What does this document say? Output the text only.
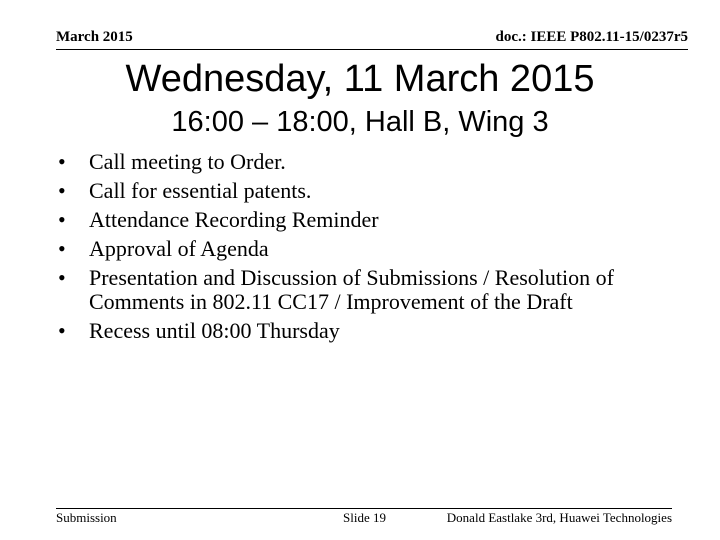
March 2015	doc.: IEEE P802.11-15/0237r5
Wednesday, 11 March 2015
16:00 – 18:00, Hall B, Wing 3
• Call meeting to Order.
• Call for essential patents.
• Attendance Recording Reminder
• Approval of Agenda
• Presentation and Discussion of Submissions / Resolution of Comments in 802.11 CC17 / Improvement of the Draft
• Recess until 08:00 Thursday
Submission	Slide 19	Donald Eastlake 3rd, Huawei Technologies
